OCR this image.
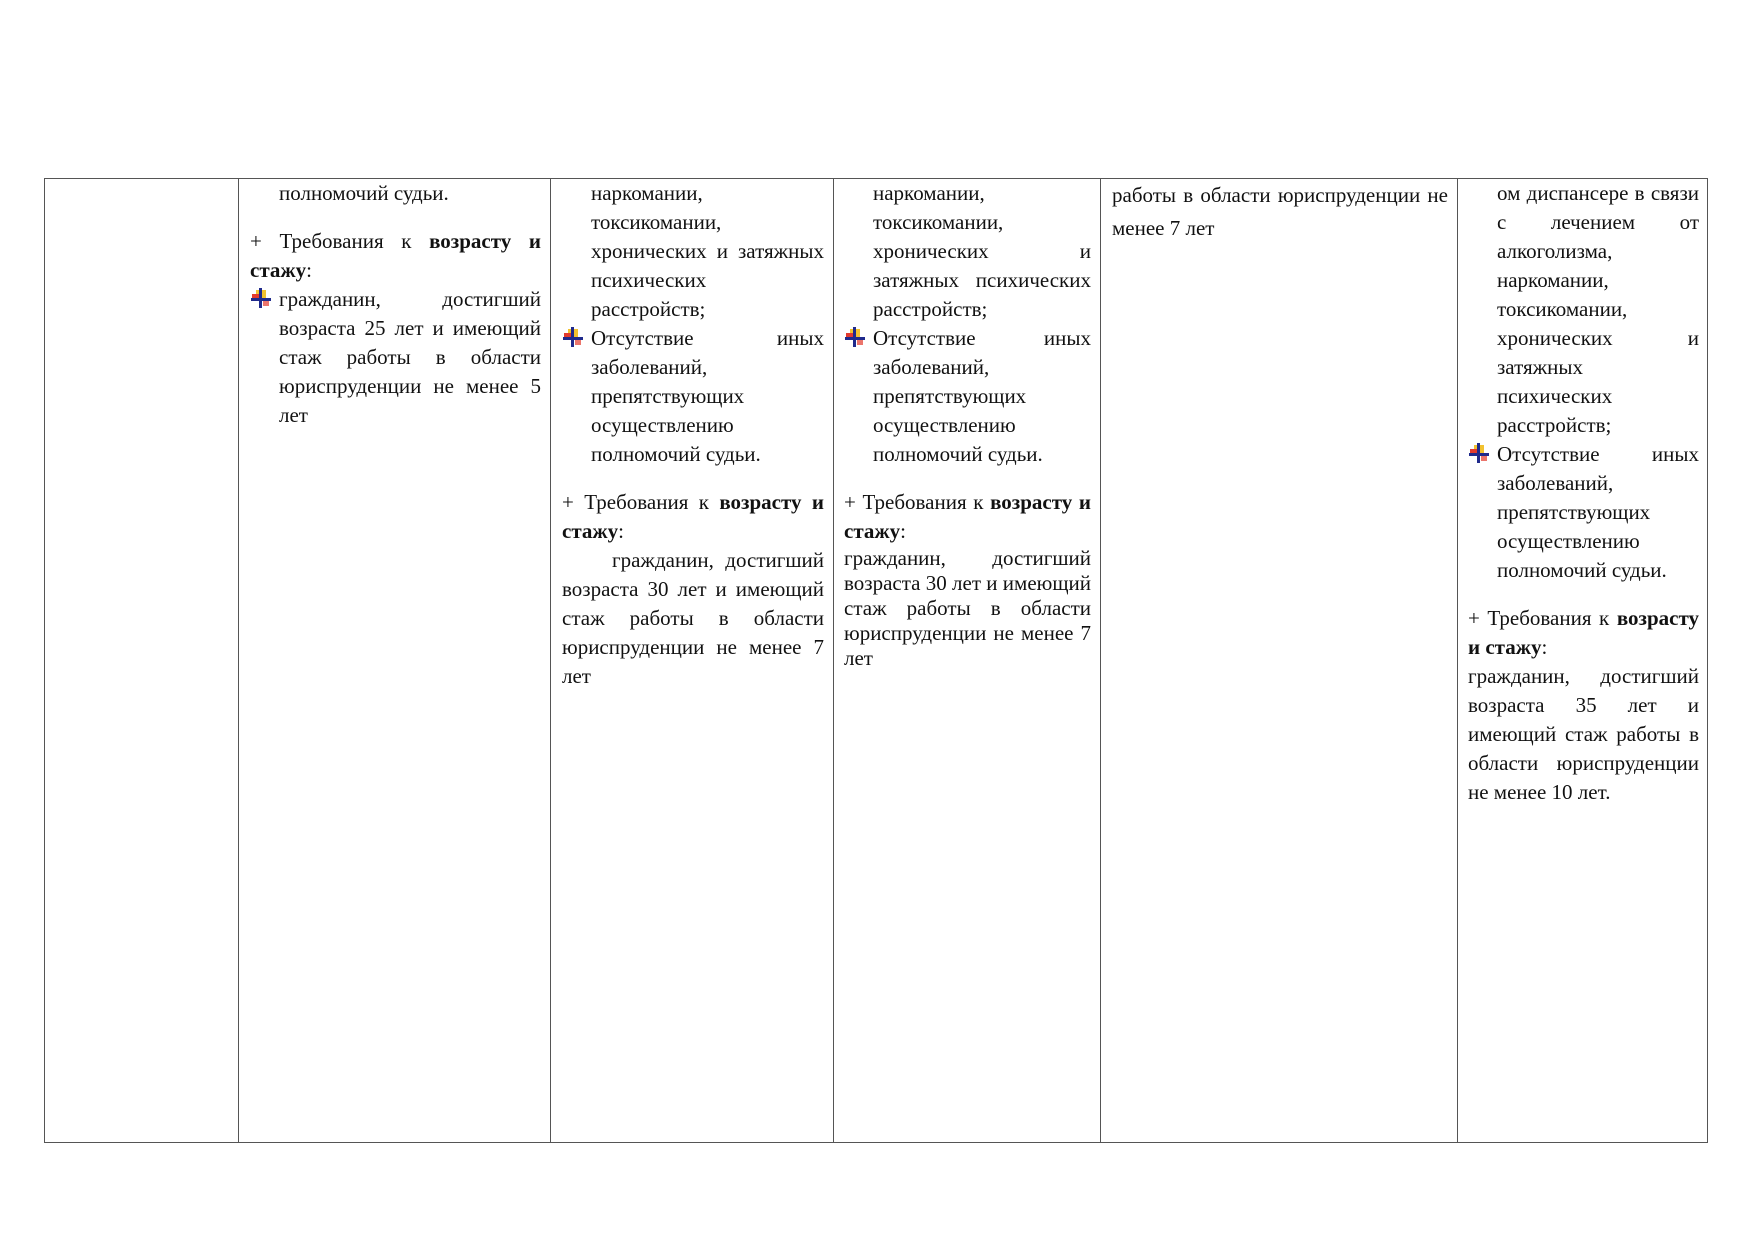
полномочий судьи.

+ Требования к возрасту и стажу:

гражданин, достигший возраста 25 лет и имеющий стаж работы в области юриспруденции не менее 5 лет

наркомании, токсикомании, хронических и затяжных психических расстройств;

Отсутствие иных заболеваний, препятствующих осуществлению полномочий судьи.

+ Требования к возрасту и стажу:

гражданин, достигший возраста 30 лет и имеющий стаж работы в области юриспруденции не менее 7 лет

наркомании, токсикомании, хронических и затяжных психических расстройств;

Отсутствие иных заболеваний, препятствующих осуществлению полномочий судьи.

+ Требования к возрасту и стажу:

гражданин, достигший возраста 30 лет и имеющий стаж работы в области юриспруденции не менее 7 лет

работы в области юриспруденции не менее 7 лет

ом диспансере в связи с лечением от алкоголизма, наркомании, токсикомании, хронических и затяжных психических расстройств;

Отсутствие иных заболеваний, препятствующих осуществлению полномочий судьи.

+ Требования к возрасту и стажу:

гражданин, достигший возраста 35 лет и имеющий стаж работы в области юриспруденции не менее 10 лет.
